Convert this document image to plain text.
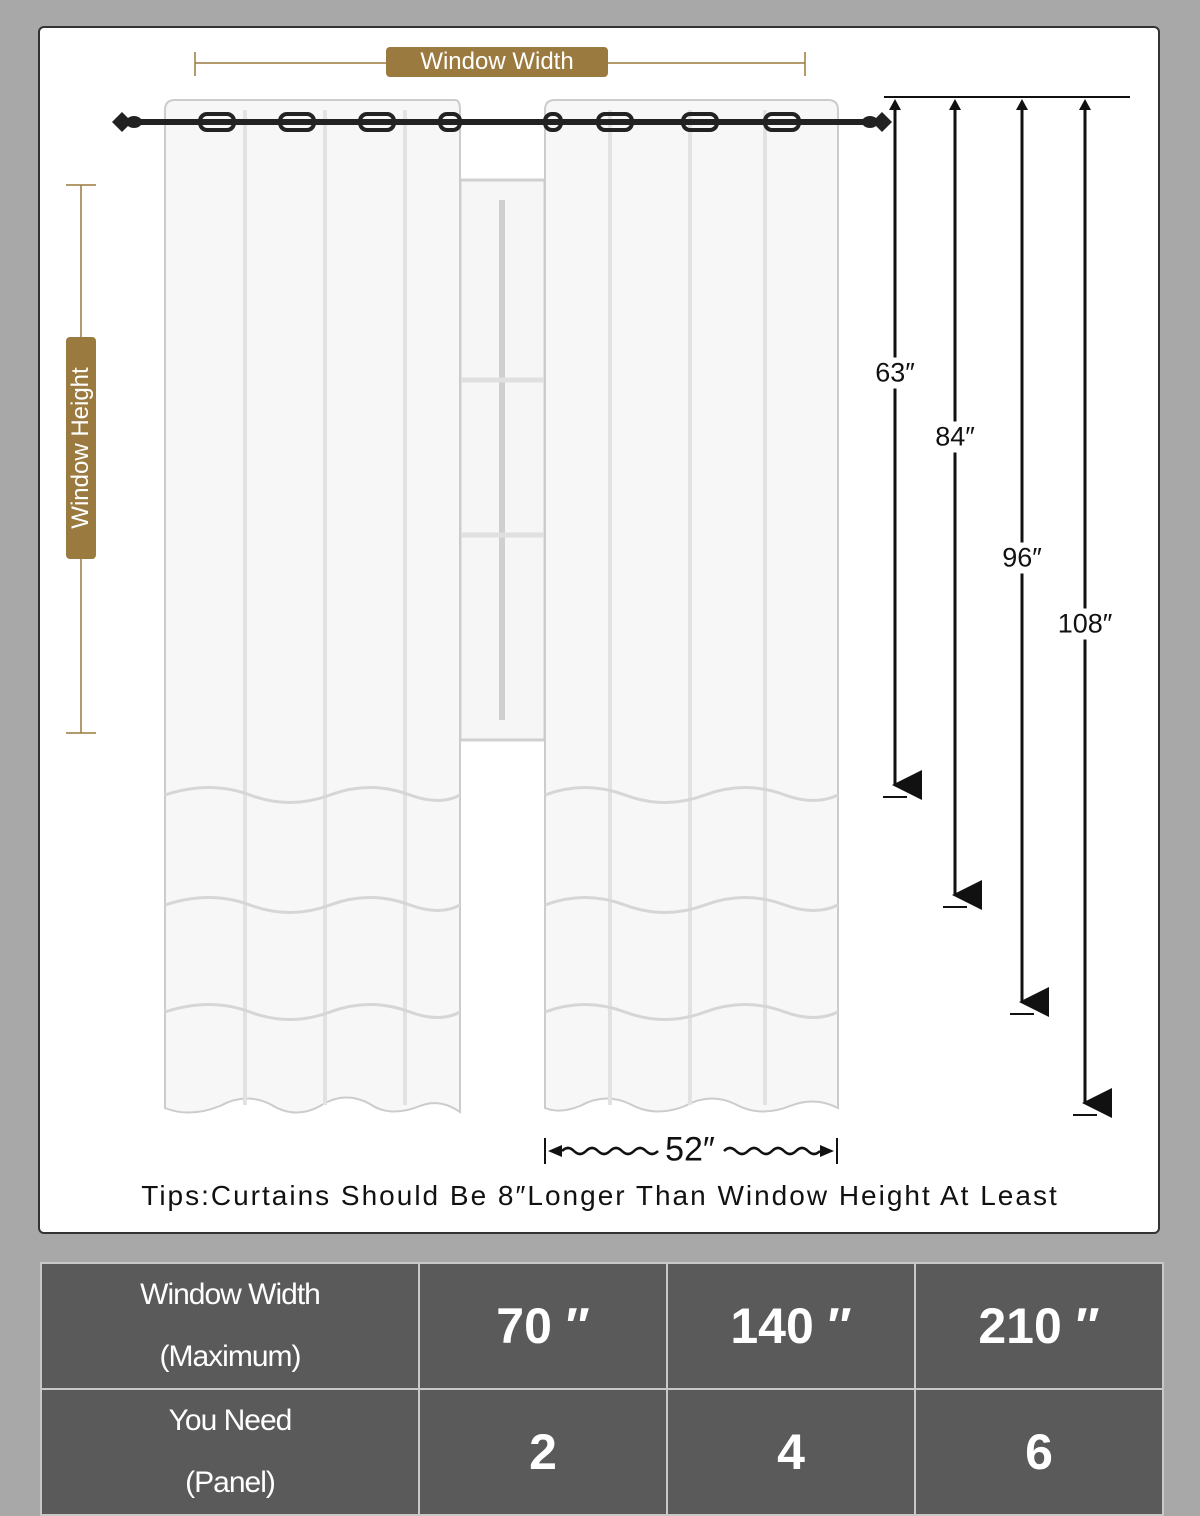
Window Width
Window Height	63″
84″
96″
108″
52″
Tips:Curtains Should Be 8″Longer Than Window Height At Least
Window Width
(Maximum)	70 ″	140 ″	210 ″

You Need
(Panel)	2	4	6
